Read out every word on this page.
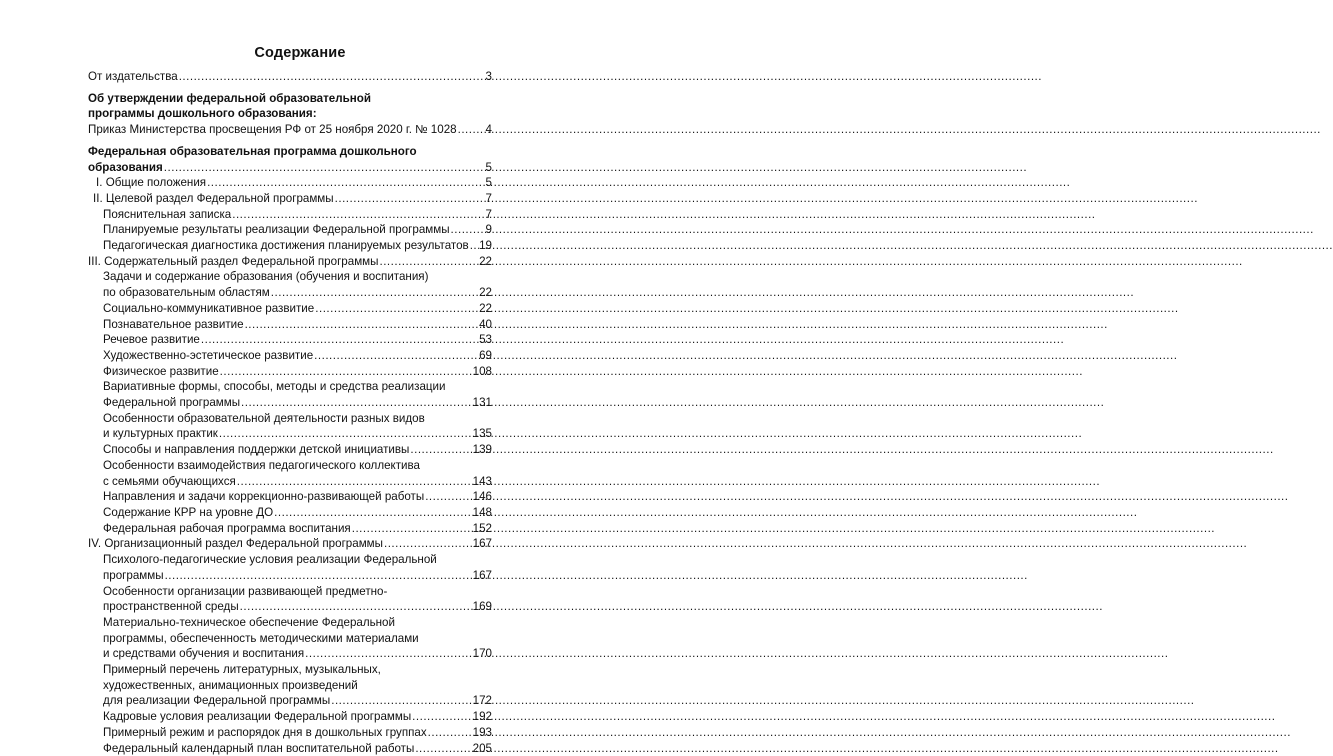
Содержание
От издательства .....	3
Об утверждении федеральной образовательной
программы дошкольного образования:
Приказ Министерства просвещения РФ от 25 ноября 2020 г. № 1028 ..... 4
Федеральная образовательная программа дошкольного
образования .....	5
I. Общие положения .....	5
II. Целевой раздел Федеральной программы .....	7
Пояснительная записка .....	7
Планируемые результаты реализации Федеральной программы .....	9
Педагогическая диагностика достижения планируемых результатов ..... 19
III. Содержательный раздел Федеральной программы .....	22
Задачи и содержание образования (обучения и воспитания)
по образовательным областям .....	22
Социально-коммуникативное развитие .....	22
Познавательное развитие .....	40
Речевое развитие .....	53
Художественно-эстетическое развитие .....	69
Физическое развитие .....	108
Вариативные формы, способы, методы и средства реализации
Федеральной программы .....	131
Особенности образовательной деятельности разных видов
и культурных практик .....	135
Способы и направления поддержки детской инициативы .....	139
Особенности взаимодействия педагогического коллектива
с семьями обучающихся .....	143
Направления и задачи коррекционно-развивающей работы .....	146
Содержание КРР на уровне ДО .....	148
Федеральная рабочая программа воспитания .....	152
IV. Организационный раздел Федеральной программы .....	167
Психолого-педагогические условия реализации Федеральной
программы .....	167
Особенности организации развивающей предметно-
пространственной среды .....	169
Материально-техническое обеспечение Федеральной
программы, обеспеченность методическими материалами
и средствами обучения и воспитания .....	170
Примерный перечень литературных, музыкальных,
художественных, анимационных произведений
для реализации Федеральной программы .....	172
Кадровые условия реализации Федеральной программы .....	192
Примерный режим и распорядок дня в дошкольных группах .....	193
Федеральный календарный план воспитательной работы .....	205
